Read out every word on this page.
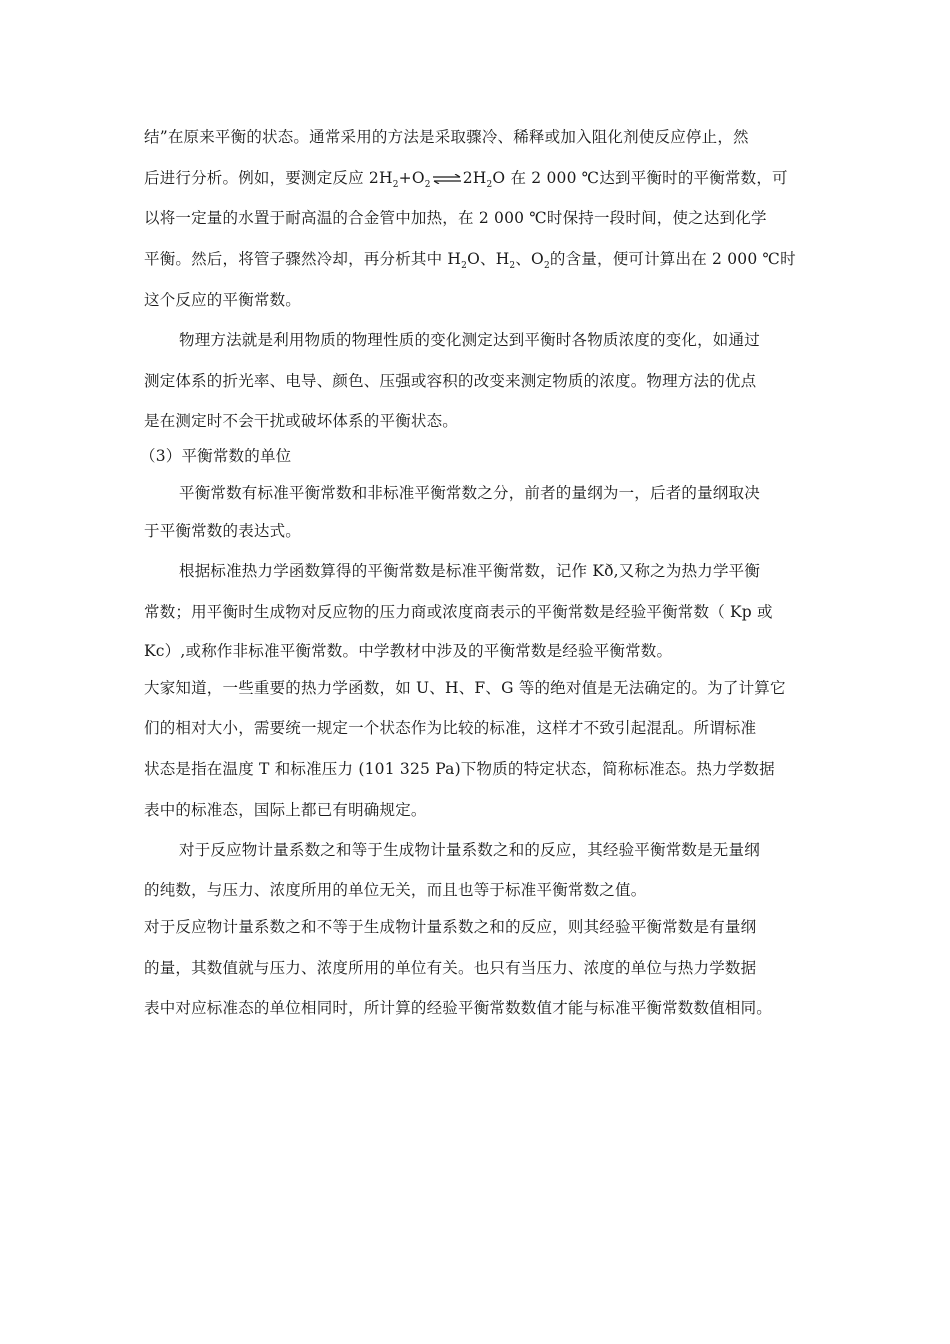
结”在原来平衡的状态。通常采用的方法是采取骤冷、稀释或加入阻化剂使反应停止，然
后进行分析。例如，要测定反应 $2H_2+O_2$ $\rightleftharpoons 2H_2O$ 在 2 000 ℃达到平衡时的平衡常数，可
以将一定量的水置于耐高温的合金管中加热，在 2 000 ℃时保持一段时间，使之达到化学
平衡。然后，将管子骤然冷却，再分析其中 $H_2O$、$H_2$、$O_2$的含量，便可计算出在 2 000 ℃时
这个反应的平衡常数。
物理方法就是利用物质的物理性质的变化测定达到平衡时各物质浓度的变化，如通过
测定体系的折光率、电导、颜色、压强或容积的改变来测定物质的浓度。物理方法的优点
是在测定时不会干扰或破坏体系的平衡状态。
（3）平衡常数的单位
平衡常数有标准平衡常数和非标准平衡常数之分，前者的量纲为一，后者的量纲取决
于平衡常数的表达式。
根据标准热力学函数算得的平衡常数是标准平衡常数，记作 Kð,又称之为热力学平衡
常数；用平衡时生成物对反应物的压力商或浓度商表示的平衡常数是经验平衡常数（ Kp 或
Kc）,或称作非标准平衡常数。中学教材中涉及的平衡常数是经验平衡常数。
大家知道，一些重要的热力学函数，如 U、H、F、G 等的绝对值是无法确定的。为了计算它
们的相对大小，需要统一规定一个状态作为比较的标准，这样才不致引起混乱。所谓标准
状态是指在温度 T 和标准压力 (101 325 Pa)下物质的特定状态，简称标准态。热力学数据
表中的标准态，国际上都已有明确规定。
对于反应物计量系数之和等于生成物计量系数之和的反应，其经验平衡常数是无量纲
的纯数，与压力、浓度所用的单位无关，而且也等于标准平衡常数之值。
对于反应物计量系数之和不等于生成物计量系数之和的反应，则其经验平衡常数是有量纲
的量，其数值就与压力、浓度所用的单位有关。也只有当压力、浓度的单位与热力学数据
表中对应标准态的单位相同时，所计算的经验平衡常数数值才能与标准平衡常数数值相同。
